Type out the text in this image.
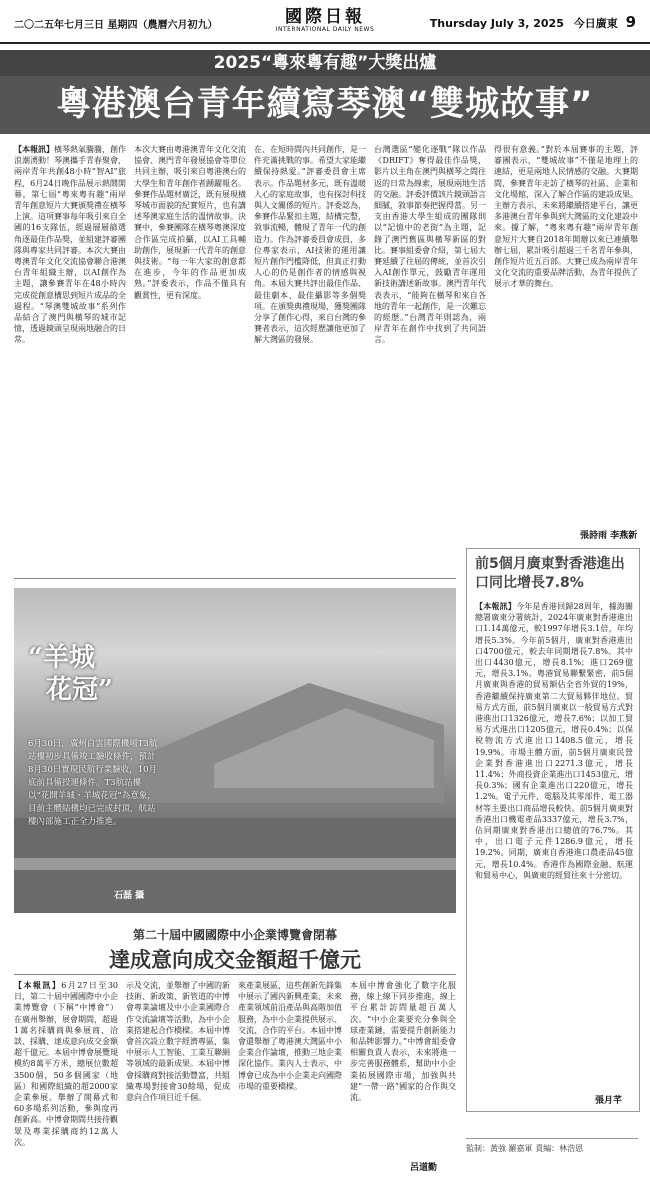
二〇二五年七月三日 星期四（農曆六月初九）	國際日報
INTERNATIONAL DAILY NEWS	Thursday July 3, 2025 今日廣東 9
2025“粵來粵有趣”大獎出爐
粵港澳台青年續寫琴澳“雙城故事”
【本報訊】橫琴熱氣騰騰，創作浪潮湧動！琴澳攜手青春聚會，兩岸青年共創48小時“智AI”旅程，6月24日晚作品展示熱鬧開幕，第七屆“粵來粵有趣”兩岸青年創意短片大賽頒獎禮在橫琴上演。這項賽事每年吸引來自全國的16支隊伍，經過層層篩選角逐最佳作品獎，並組建評審團隊與專家共同評審。本次大賽由粵澳青年文化交流協會聯合港澳台青年組織主辦，以AI創作為主題，讓參賽青年在48小時內完成從創意構思到短片成品的全過程。“琴澳雙城故事”系列作品結合了澳門與橫琴的城市記憶，透過鏡頭呈現兩地融合的日常。
本次大賽由粵港澳青年文化交流協會、澳門青年發展協會等單位共同主辦，吸引來自粵港澳台的大學生和青年創作者踴躍報名。參賽作品題材廣泛，既有展現橫琴城市面貌的紀實短片，也有講述琴澳家庭生活的溫情故事。決賽中，參賽團隊在橫琴粵澳深度合作區完成拍攝，以AI工具輔助創作，展現新一代青年的創意與技術。“每一年大家的創意都在進步，今年的作品更加成熟。”評委表示，作品不僅具有觀賞性，更有深度。
在、在短時間內共同創作，是一件充滿挑戰的事。希望大家能繼續保持熱愛。”評審委員會主席表示。作品題材多元，既有溫暖人心的家庭故事，也有探討科技與人文關係的短片。評委認為，參賽作品緊扣主題，結構完整，敘事流暢，體現了青年一代的創造力。作為評審委員會成員，多位專家表示，AI技術的運用讓短片創作門檻降低，但真正打動人心的仍是創作者的情感與視角。本屆大賽共評出最佳作品、最佳劇本、最佳攝影等多個獎項。在頒獎典禮現場，獲獎團隊分享了創作心得，來自台灣的參賽者表示，這次經歷讓他更加了解大灣區的發展。
台灣選區“變化逐戰”隊以作品《DRIFT》奪得最佳作品獎，影片以主角在澳門與橫琴之間往返的日常為線索，展現兩地生活的交融。評委評價該片鏡頭語言細膩，敘事節奏把握得當。另一支由香港大學生組成的團隊則以“記憶中的老街”為主題，記錄了澳門舊區與橫琴新區的對比。賽事組委會介紹，第七屆大賽延續了往屆的傳統，並首次引入AI創作單元，鼓勵青年運用新技術講述新故事。澳門青年代表表示，“能夠在橫琴和來自各地的青年一起創作，是一次難忘的經歷。”台灣青年則認為，兩岸青年在創作中找到了共同語言。
得很有意義。”對於本屆賽事的主題，評審團表示，“雙城故事”不僅是地理上的連結，更是兩地人民情感的交融。大賽期間，參賽青年走訪了橫琴的社區、企業和文化場館，深入了解合作區的建設成果。主辦方表示，未來將繼續搭建平台，讓更多港澳台青年參與到大灣區的文化建設中來。據了解，“粵來粵有趣”兩岸青年創意短片大賽自2018年開辦以來已連續舉辦七屆，累計吸引超過三千名青年參與，創作短片近五百部。大賽已成為兩岸青年文化交流的重要品牌活動，為青年提供了展示才華的舞台。
張詩雨 李燕新
“羊城
花冠”
6月30日，廣州白雲國際機場T3航站樓初步具備竣工驗收條件，預計8月30日實現民航行業驗收，10月底前具備投運條件。T3航站樓以“花開羊城・羊城花冠”為意象，目前主體結構均已完成封頂，航站樓內部施工正全力推進。
石磊 攝
前5個月廣東對香港進出口同比增長7.8%
【本報訊】今年是香港回歸28周年，據海關總署廣東分署統計，2024年廣東對香港進出口1.14萬億元，較1997年增長3.1倍，年均增長5.3%。今年前5個月，廣東對香港進出口4700億元，較去年同期增長7.8%。其中出口4430億元，增長8.1%；進口269億元，增長3.1%。粵港貿易聯繫緊密，前5個月廣東與香港的貿易額佔全省外貿的19%，香港繼續保持廣東第二大貿易夥伴地位。貿易方式方面，前5個月廣東以一般貿易方式對港進出口1326億元，增長7.6%；以加工貿易方式進出口1205億元，增長0.4%；以保稅物流方式進出口1408.5億元，增長19.9%。市場主體方面，前5個月廣東民營企業對香港進出口2271.3億元，增長11.4%；外商投資企業進出口1453億元，增長0.3%；國有企業進出口220億元，增長1.2%。電子元件、電腦及其零部件、電工器材等主要出口商品增長較快。前5個月廣東對香港出口機電產品3337億元，增長3.7%，佔同期廣東對香港出口總值的76.7%。其中，出口電子元件1286.9億元，增長19.2%。同期，廣東自香港進口農產品45億元，增長10.4%。香港作為國際金融、航運和貿易中心，與廣東的經貿往來十分密切。
張月芊
第二十屆中國國際中小企業博覽會閉幕
達成意向成交金額超千億元
【本報訊】6月27日至30日，第二十屆中國國際中小企業博覽會（下稱“中博會”）在廣州舉辦，展會期間，超過1萬名採購商與參展商、洽談、採購、達成意向成交金額超千億元。本屆中博會展覽規模約8萬平方米，總展位數超3500個，50多個國家（地區）和國際組織的超2000家企業參展。舉辦了開幕式和60多場系列活動，參與度再創新高。中博會期間共接待觀眾及專業採購商約12萬人次。
示及交流，並舉辦了中國的新技術、新政策、新管道的中博會專業論壇及中小企業國際合作交流論壇等活動，為中小企業搭建起合作橋樑。本屆中博會首次設立數字經濟專區，集中展示人工智能、工業互聯網等領域的最新成果。本屆中博會採購商對接活動豐富，共組織專場對接會30餘場，促成意向合作項目近千個。
來產業展區，這些創新先鋒集中展示了國內新興產業、未來產業領域前沿產品與高階加值服務，為中小企業提供展示、交流、合作的平台。本屆中博會還舉辦了粵港澳大灣區中小企業合作論壇，推動三地企業深化協作。業內人士表示，中博會已成為中小企業走向國際市場的重要橋樑。
本屆中博會強化了數字化服務，線上線下同步推進，線上平台累計訪問量超百萬人次。“中小企業要充分參與全球產業鏈，需要提升創新能力和品牌影響力。”中博會組委會相關負責人表示，未來將進一步完善服務體系，幫助中小企業拓展國際市場，加強與共建“一帶一路”國家的合作與交流。
呂道勤
監制：黃強 羅嘉軍 責編：林浩恩
